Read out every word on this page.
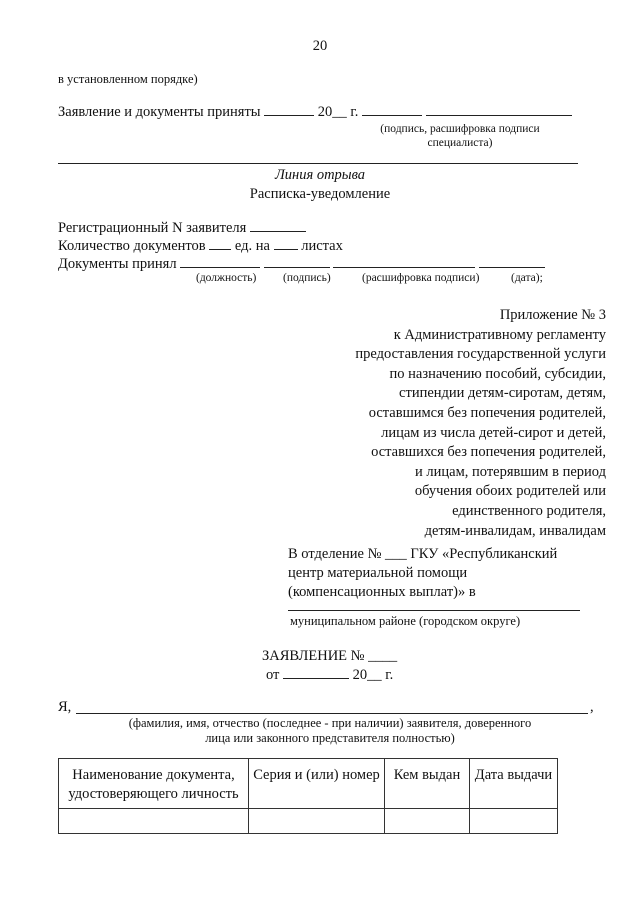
20
в установленном порядке)
Заявление и документы приняты	20__ г.
(подпись, расшифровка подписи
специалиста)
Линия отрыва
Расписка-уведомление
Регистрационный N заявителя
Количество документов ед. на листах
Документы принял
(должность) (подпись)	(расшифровка подписи)	(дата);
Приложение № 3
к Административному регламенту
предоставления государственной услуги
по назначению пособий, субсидии,
стипендии детям-сиротам, детям,
оставшимся без попечения родителей,
лицам из числа детей-сирот и детей,
оставшихся без попечения родителей,
и лицам, потерявшим в период
обучения обоих родителей или
единственного родителя,
детям-инвалидам, инвалидам
В отделение № ___ ГКУ «Республиканский
центр материальной помощи
(компенсационных выплат)» в
муниципальном районе (городском округе)
ЗАЯВЛЕНИЕ № ____
от	20__ г.
Я,	,
(фамилия, имя, отчество (последнее - при наличии) заявителя, доверенного
лица или законного представителя полностью)
Наименование документа, удостоверяющего личность	Серия и (или) номер	Кем выдан	Дата выдачи
